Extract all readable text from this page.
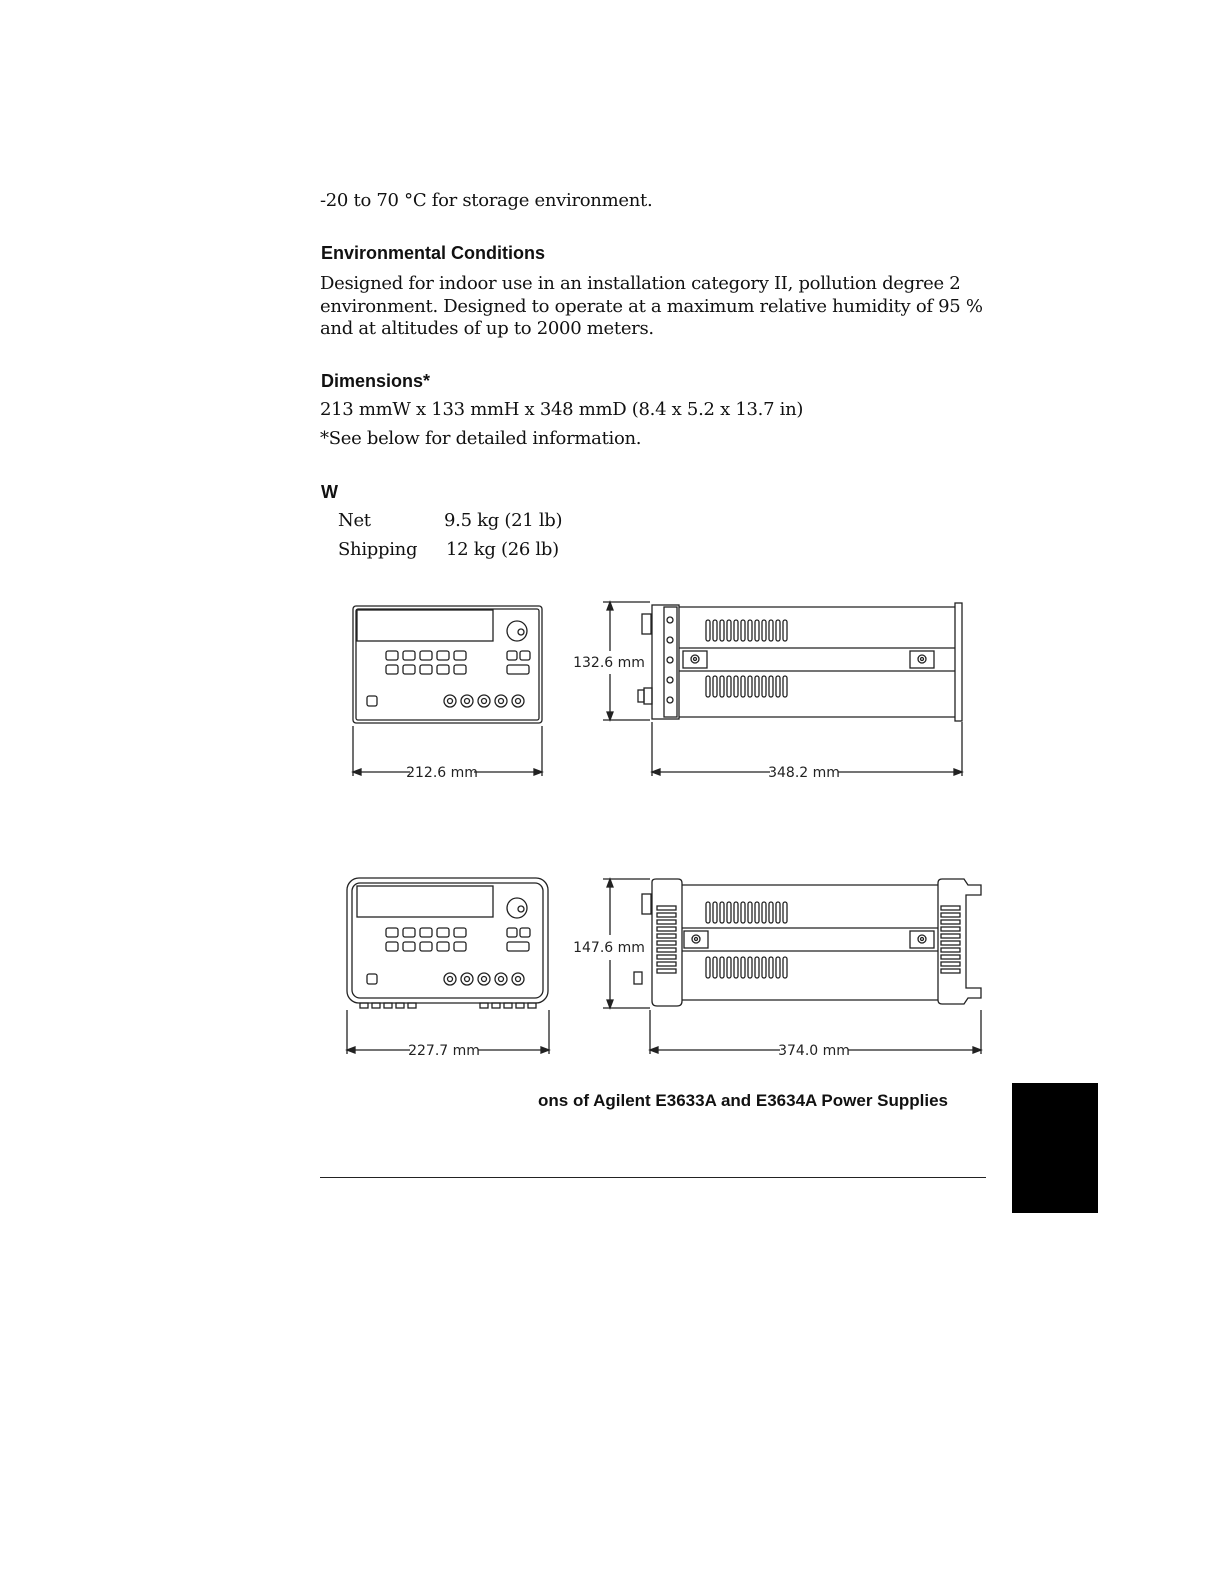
-20 to 70 °C for storage environment.
Environmental Conditions
Designed for indoor use in an installation category II, pollution degree 2
environment. Designed to operate at a maximum relative humidity of 95 %
and at altitudes of up to 2000 meters.
Dimensions*
213 mmW x 133 mmH x 348 mmD (8.4 x 5.2 x 13.7 in)
*See below for detailed information.
W
Net	9.5 kg (21 lb)
Shipping 12 kg (26 lb)
212.6 mm
132.6 mm
348.2 mm
227.7 mm
147.6 mm
374.0 mm
ons of Agilent E3633A and E3634A Power Supplies
